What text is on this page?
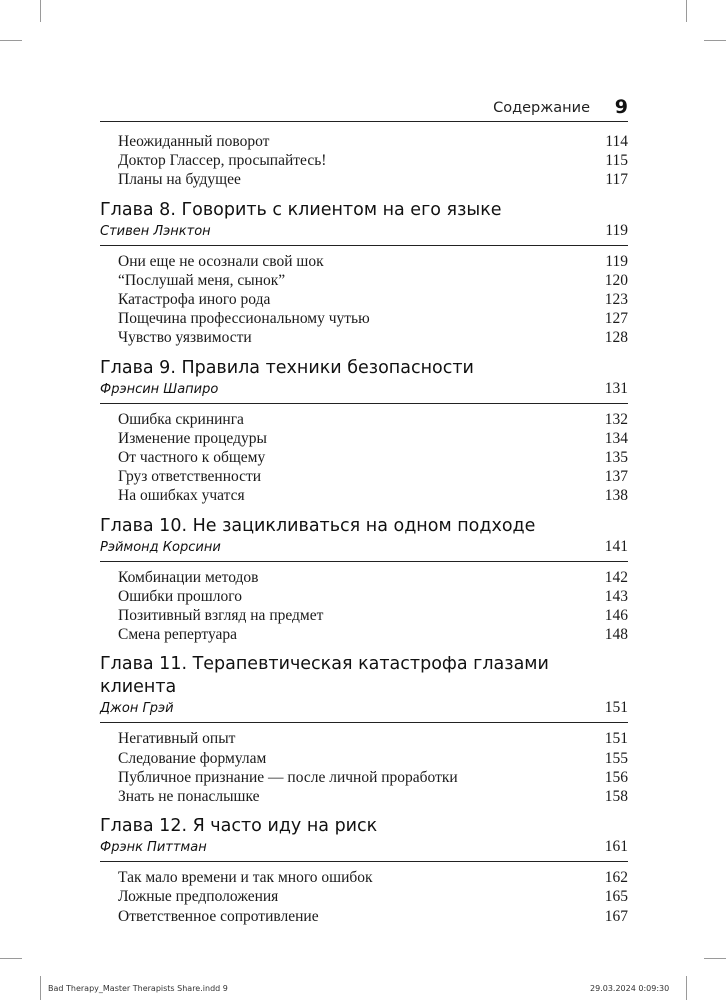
Содержание	9
Неожиданный поворот	114
Доктор Глассер, просыпайтесь!	115
Планы на будущее	117
Глава 8. Говорить с клиентом на его языке
Стивен Лэнктон	119
Они еще не осознали свой шок	119
“Послушай меня, сынок”	120
Катастрофа иного рода	123
Пощечина профессиональному чутью	127
Чувство уязвимости	128
Глава 9. Правила техники безопасности
Фрэнсин Шапиро	131
Ошибка скрининга	132
Изменение процедуры	134
От частного к общему	135
Груз ответственности	137
На ошибках учатся	138
Глава 10. Не зацикливаться на одном подходе
Рэймонд Корсини	141
Комбинации методов	142
Ошибки прошлого	143
Позитивный взгляд на предмет	146
Смена репертуара	148
Глава 11. Терапевтическая катастрофа глазами клиента
Джон Грэй	151
Негативный опыт	151
Следование формулам	155
Публичное признание — после личной проработки	156
Знать не понаслышке	158
Глава 12. Я часто иду на риск
Фрэнк Питтман	161
Так мало времени и так много ошибок	162
Ложные предположения	165
Ответственное сопротивление	167
Bad Therapy_Master Therapists Share.indd 9	29.03.2024 0:09:30
